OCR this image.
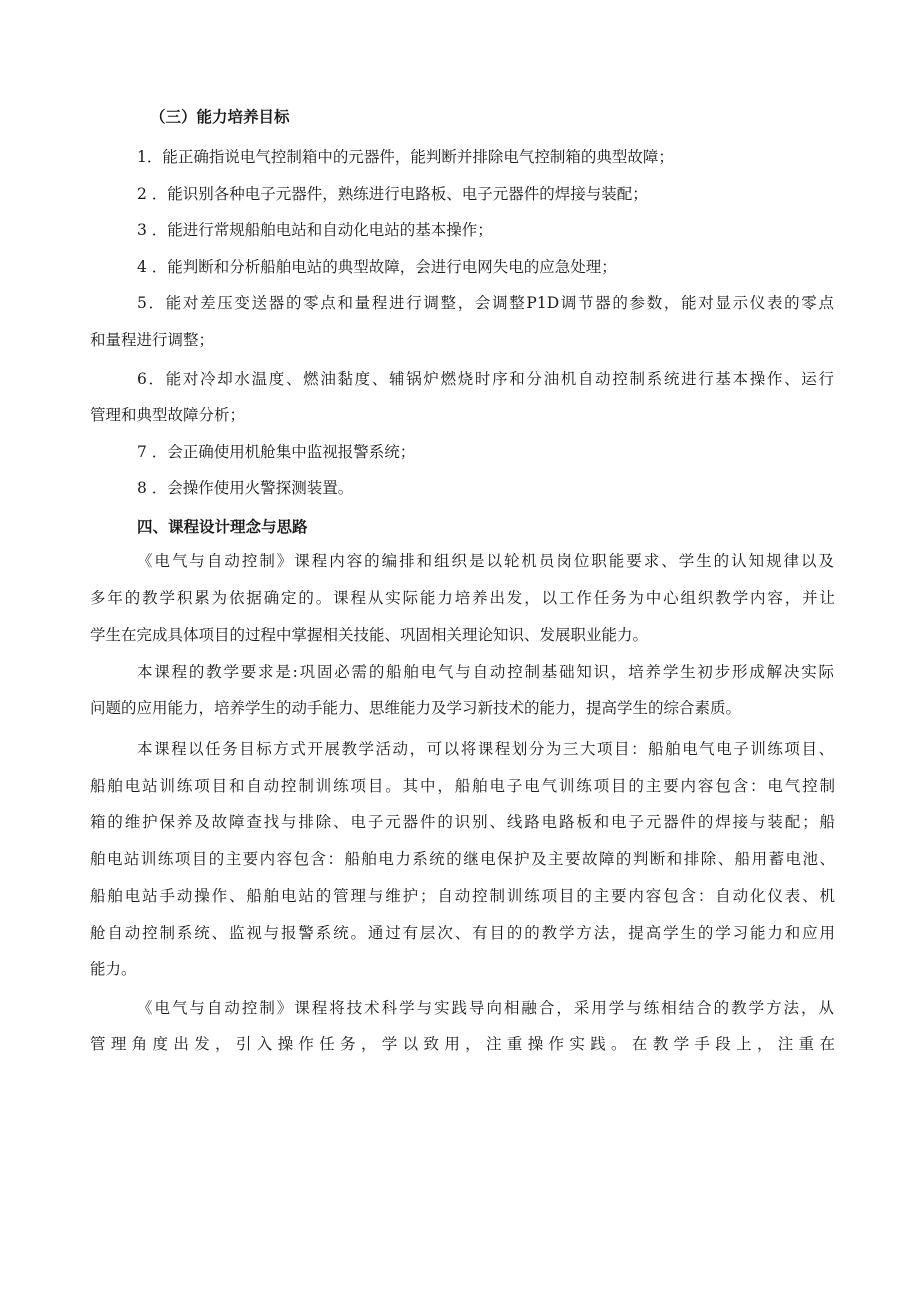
（三）能力培养目标
1．能正确指说电气控制箱中的元器件，能判断并排除电气控制箱的典型故障；
2 ．能识别各种电子元器件，熟练进行电路板、电子元器件的焊接与装配；
3 ．能进行常规船舶电站和自动化电站的基本操作；
4 ．能判断和分析船舶电站的典型故障，会进行电网失电的应急处理；
5．能对差压变送器的零点和量程进行调整，会调整P1D调节器的参数，能对显示仪表的零点
和量程进行调整；
6．能对冷却水温度、燃油黏度、辅锅炉燃烧时序和分油机自动控制系统进行基本操作、运行
管理和典型故障分析；
7 ．会正确使用机舱集中监视报警系统；
8 ．会操作使用火警探测装置。
四、课程设计理念与思路
《电气与自动控制》课程内容的编排和组织是以轮机员岗位职能要求、学生的认知规律以及
多年的教学积累为依据确定的。课程从实际能力培养出发，以工作任务为中心组织教学内容，并让
学生在完成具体项目的过程中掌握相关技能、巩固相关理论知识、发展职业能力。
本课程的教学要求是:巩固必需的船舶电气与自动控制基础知识，培养学生初步形成解决实际
问题的应用能力，培养学生的动手能力、思维能力及学习新技术的能力，提高学生的综合素质。
本课程以任务目标方式开展教学活动，可以将课程划分为三大项目：船舶电气电子训练项目、
船舶电站训练项目和自动控制训练项目。其中，船舶电子电气训练项目的主要内容包含：电气控制
箱的维护保养及故障查找与排除、电子元器件的识别、线路电路板和电子元器件的焊接与装配；船
舶电站训练项目的主要内容包含：船舶电力系统的继电保护及主要故障的判断和排除、船用蓄电池、
船舶电站手动操作、船舶电站的管理与维护；自动控制训练项目的主要内容包含：自动化仪表、机
舱自动控制系统、监视与报警系统。通过有层次、有目的的教学方法，提高学生的学习能力和应用
能力。
《电气与自动控制》课程将技术科学与实践导向相融合，采用学与练相结合的教学方法，从
管理角度出发，引入操作任务，学以致用，注重操作实践。在教学手段上，注重在
